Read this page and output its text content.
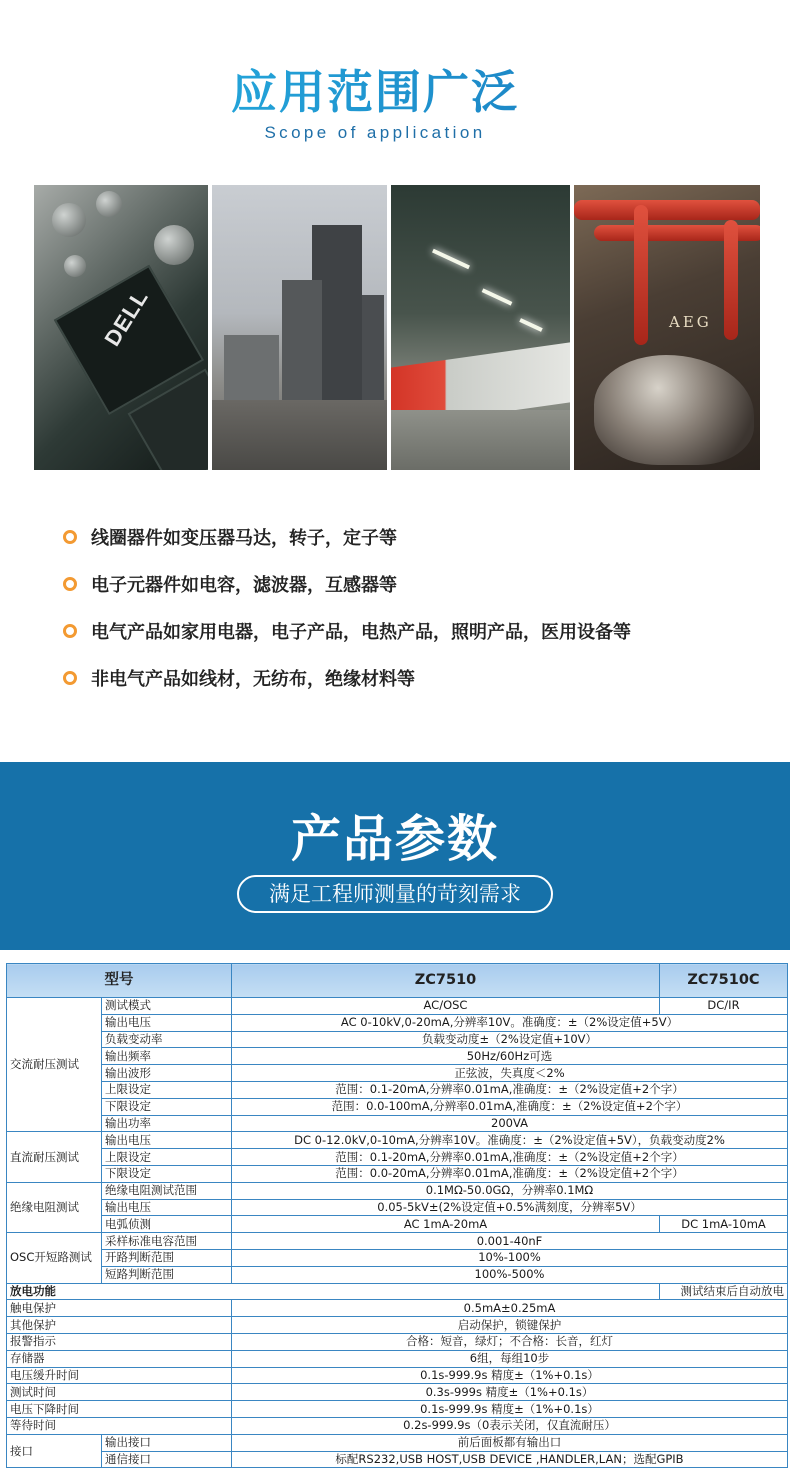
应用范围广泛
Scope of application
DELL	AEG
线圈器件如变压器马达，转子，定子等
电子元器件如电容，滤波器，互感器等
电气产品如家用电器，电子产品，电热产品，照明产品，医用设备等
非电气产品如线材，无纺布，绝缘材料等
产品参数
满足工程师测量的苛刻需求
型号		ZC7510	ZC7510C
交流耐压测试	测试模式	AC/OSC	DC/IR
	输出电压	AC 0-10kV,0-20mA,分辨率10V。准确度：±（2%设定值+5V）	
	负载变动率	负载变动度±（2%设定值+10V）	
	输出频率	50Hz/60Hz可选	
	输出波形	正弦波，失真度＜2%	
	上限设定	范围：0.1-20mA,分辨率0.01mA,准确度：±（2%设定值+2个字）	
	下限设定	范围：0.0-100mA,分辨率0.01mA,准确度：±（2%设定值+2个字）	
	输出功率	200VA	
直流耐压测试	输出电压	DC 0-12.0kV,0-10mA,分辨率10V。准确度：±（2%设定值+5V），负载变动度2%	
	上限设定	范围：0.1-20mA,分辨率0.01mA,准确度：±（2%设定值+2个字）	
	下限设定	范围：0.0-20mA,分辨率0.01mA,准确度：±（2%设定值+2个字）	
绝缘电阻测试	绝缘电阻测试范围	0.1MΩ-50.0GΩ，分辨率0.1MΩ	
	输出电压	0.05-5kV±(2%设定值+0.5%满刻度，分辨率5V）	
	电弧侦测	AC 1mA-20mA	DC 1mA-10mA
OSC开短路测试	采样标准电容范围	0.001-40nF	
	开路判断范围	10%-100%	
	短路判断范围	100%-500%	
放电功能			测试结束后自动放电
触电保护		0.5mA±0.25mA	
其他保护		启动保护，锁键保护	
报警指示		合格：短音，绿灯；不合格：长音，红灯	
存储器		6组，每组10步	
电压缓升时间		0.1s-999.9s 精度±（1%+0.1s）	
测试时间		0.3s-999s 精度±（1%+0.1s）	
电压下降时间		0.1s-999.9s 精度±（1%+0.1s）	
等待时间		0.2s-999.9s（0表示关闭，仅直流耐压）	
接口	输出接口	前后面板都有输出口	
	通信接口	标配RS232,USB HOST,USB DEVICE ,HANDLER,LAN；选配GPIB	
